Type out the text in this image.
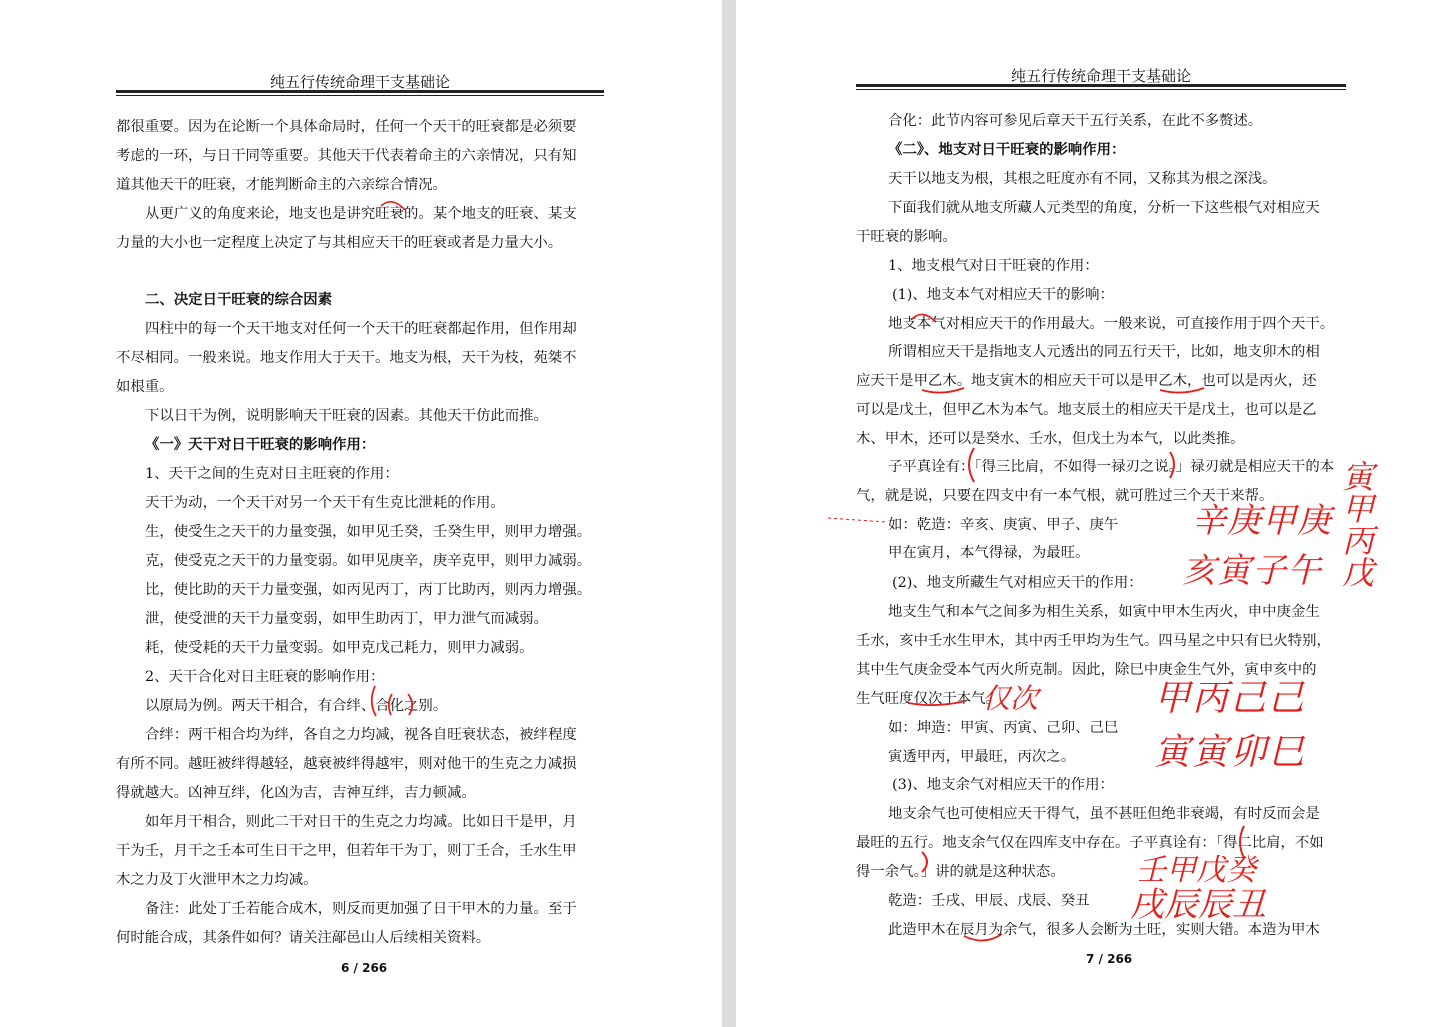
纯五行传统命理干支基础论
都很重要。因为在论断一个具体命局时，任何一个天干的旺衰都是必须要
考虑的一环，与日干同等重要。其他天干代表着命主的六亲情况，只有知
道其他天干的旺衰，才能判断命主的六亲综合情况。
从更广义的角度来论，地支也是讲究旺衰的。某个地支的旺衰、某支
力量的大小也一定程度上决定了与其相应天干的旺衰或者是力量大小。
二、决定日干旺衰的综合因素
四柱中的每一个天干地支对任何一个天干的旺衰都起作用，但作用却
不尽相同。一般来说。地支作用大于天干。地支为根，天干为枝，苑桀不
如根重。
下以日干为例，说明影响天干旺衰的因素。其他天干仿此而推。
《一》天干对日干旺衰的影响作用：
1、天干之间的生克对日主旺衰的作用：
天干为动，一个天干对另一个天干有生克比泄耗的作用。
生，使受生之天干的力量变强，如甲见壬癸，壬癸生甲，则甲力增强。
克，使受克之天干的力量变弱。如甲见庚辛，庚辛克甲，则甲力减弱。
比，使比助的天干力量变强，如丙见丙丁，丙丁比助丙，则丙力增强。
泄，使受泄的天干力量变弱，如甲生助丙丁，甲力泄气而减弱。
耗，使受耗的天干力量变弱。如甲克戊己耗力，则甲力减弱。
2、天干合化对日主旺衰的影响作用：
以原局为例。两天干相合，有合绊、合化之别。
合绊：两干相合均为绊，各自之力均减，视各自旺衰状态，被绊程度
有所不同。越旺被绊得越轻，越衰被绊得越牢，则对他干的生克之力减损
得就越大。凶神互绊，化凶为吉，吉神互绊，吉力顿减。
如年月干相合，则此二干对日干的生克之力均减。比如日干是甲，月
干为壬，月干之壬本可生日干之甲，但若年干为丁，则丁壬合，壬水生甲
木之力及丁火泄甲木之力均减。
备注：此处丁壬若能合成木，则反而更加强了日干甲木的力量。至于
何时能合成，其条件如何？请关注鄗邑山人后续相关资料。
6 / 266
纯五行传统命理干支基础论
合化：此节内容可参见后章天干五行关系，在此不多赘述。
《二》、地支对日干旺衰的影响作用：
天干以地支为根，其根之旺度亦有不同，又称其为根之深浅。
下面我们就从地支所藏人元类型的角度，分析一下这些根气对相应天
干旺衰的影响。
1、地支根气对日干旺衰的作用：
(1)、地支本气对相应天干的影响：
地支本气对相应天干的作用最大。一般来说，可直接作用于四个天干。
所谓相应天干是指地支人元透出的同五行天干，比如，地支卯木的相
应天干是甲乙木。地支寅木的相应天干可以是甲乙木，也可以是丙火，还
可以是戊土，但甲乙木为本气。地支辰土的相应天干是戊土，也可以是乙
木、甲木，还可以是癸水、壬水，但戊土为本气，以此类推。
子平真诠有：「得三比肩，不如得一禄刃之说。」禄刃就是相应天干的本
气，就是说，只要在四支中有一本气根，就可胜过三个天干来帮。
如：乾造：辛亥、庚寅、甲子、庚午
甲在寅月，本气得禄，为最旺。
(2)、地支所藏生气对相应天干的作用：
地支生气和本气之间多为相生关系，如寅中甲木生丙火，申中庚金生
壬水，亥中壬水生甲木，其中丙壬甲均为生气。四马星之中只有巳火特别，
其中生气庚金受本气丙火所克制。因此，除巳中庚金生气外，寅申亥中的
生气旺度仅次于本气。
如：坤造：甲寅、丙寅、己卯、己巳
寅透甲丙，甲最旺，丙次之。
(3)、地支余气对相应天干的作用：
地支余气也可使相应天干得气，虽不甚旺但绝非衰竭，有时反而会是
最旺的五行。地支余气仅在四库支中存在。子平真诠有：「得二比肩，不如
得一余气。」讲的就是这种状态。
乾造：壬戌、甲辰、戊辰、癸丑
此造甲木在辰月为余气，很多人会断为土旺，实则大错。本造为甲木
7 / 266
辛庚甲庚
亥寅子午
仅次	甲丙己己
寅寅卯巳
壬甲戊癸
戌辰辰丑
寅甲丙戊
